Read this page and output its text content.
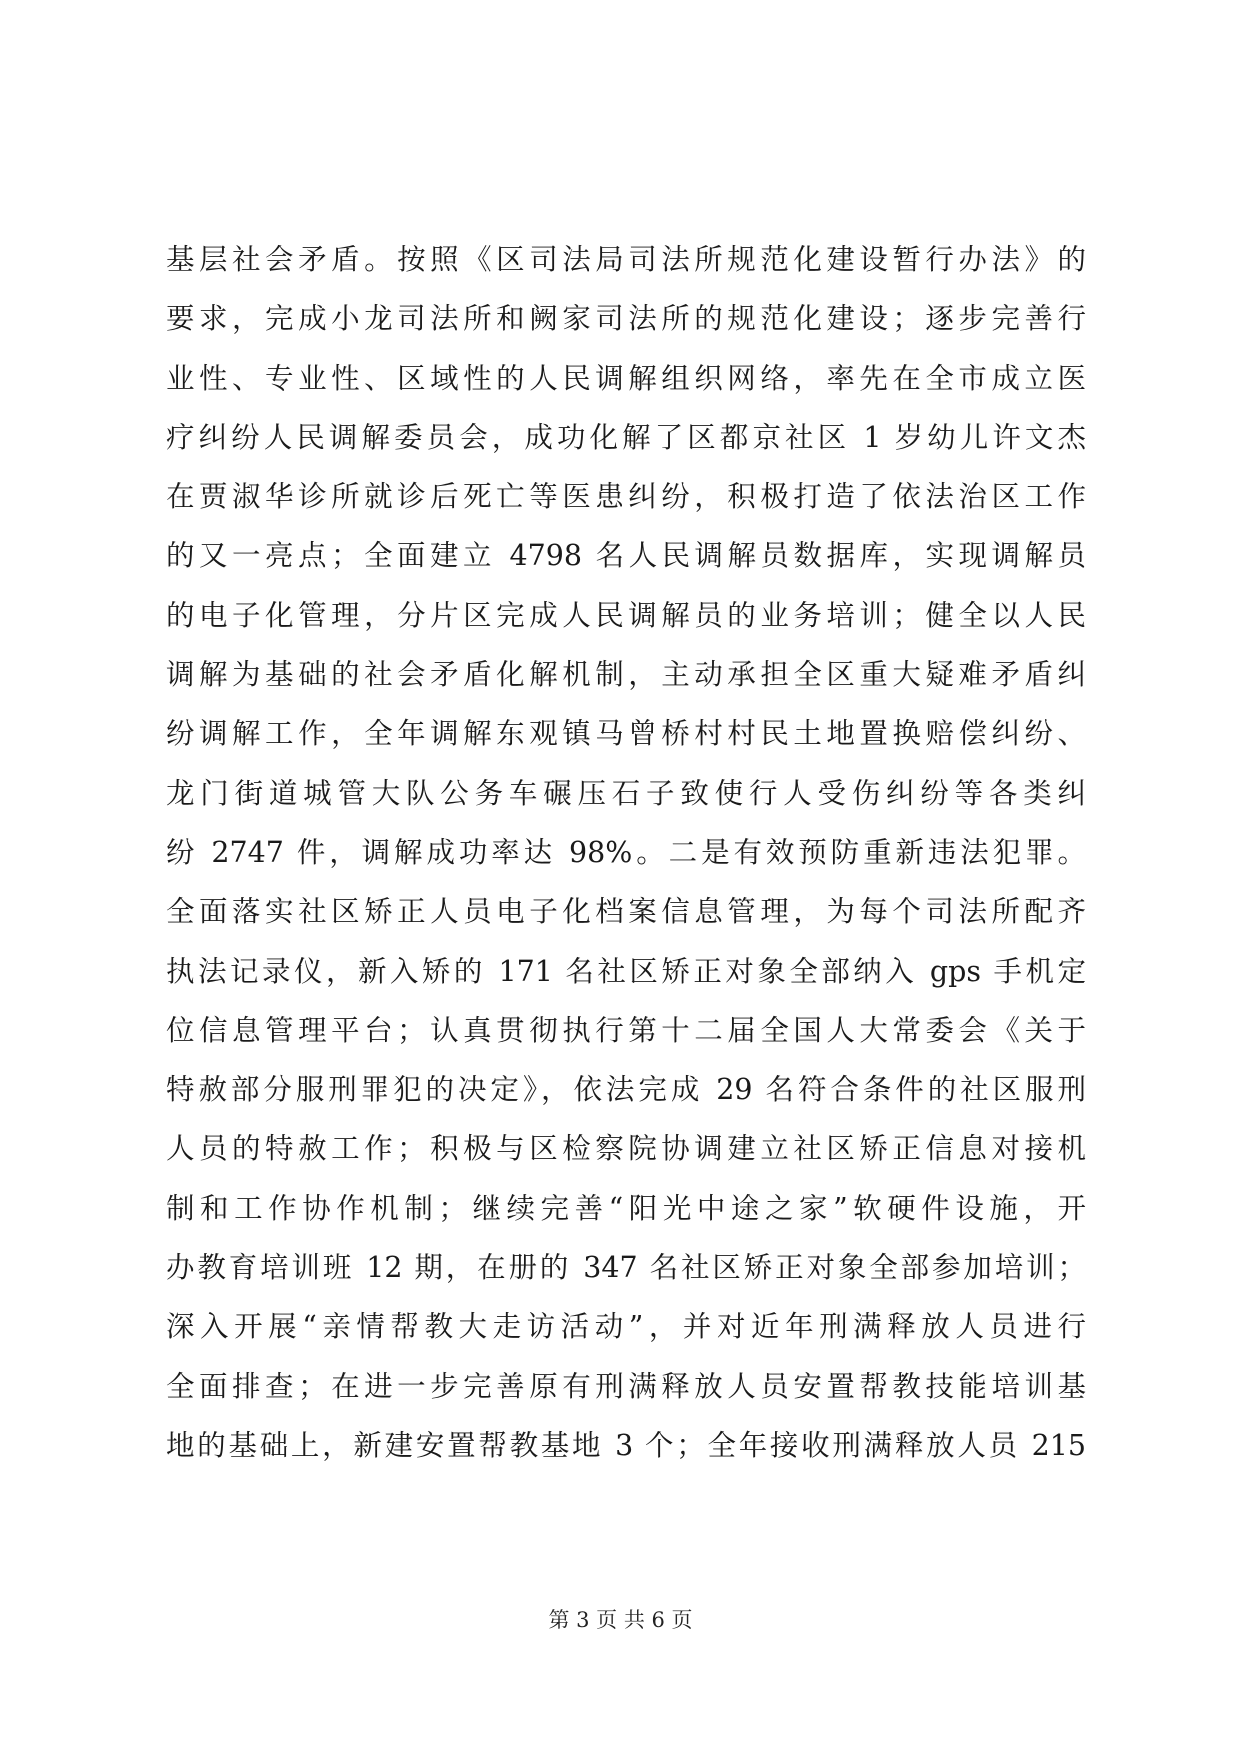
基层社会矛盾。按照《区司法局司法所规范化建设暂行办法》的
要求，完成小龙司法所和阙家司法所的规范化建设；逐步完善行
业性、专业性、区域性的人民调解组织网络，率先在全市成立医
疗纠纷人民调解委员会，成功化解了区都京社区 1 岁幼儿许文杰
在贾淑华诊所就诊后死亡等医患纠纷，积极打造了依法治区工作
的又一亮点；全面建立 4798 名人民调解员数据库，实现调解员
的电子化管理，分片区完成人民调解员的业务培训；健全以人民
调解为基础的社会矛盾化解机制，主动承担全区重大疑难矛盾纠
纷调解工作，全年调解东观镇马曾桥村村民土地置换赔偿纠纷、
龙门街道城管大队公务车碾压石子致使行人受伤纠纷等各类纠
纷 2747 件，调解成功率达 98%。二是有效预防重新违法犯罪。
全面落实社区矫正人员电子化档案信息管理，为每个司法所配齐
执法记录仪，新入矫的 171 名社区矫正对象全部纳入 gps 手机定
位信息管理平台；认真贯彻执行第十二届全国人大常委会《关于
特赦部分服刑罪犯的决定》，依法完成 29 名符合条件的社区服刑
人员的特赦工作；积极与区检察院协调建立社区矫正信息对接机
制和工作协作机制；继续完善“阳光中途之家”软硬件设施，开
办教育培训班 12 期，在册的 347 名社区矫正对象全部参加培训；
深入开展“亲情帮教大走访活动”，并对近年刑满释放人员进行
全面排查；在进一步完善原有刑满释放人员安置帮教技能培训基
地的基础上，新建安置帮教基地 3 个；全年接收刑满释放人员 215
第 3 页 共 6 页
